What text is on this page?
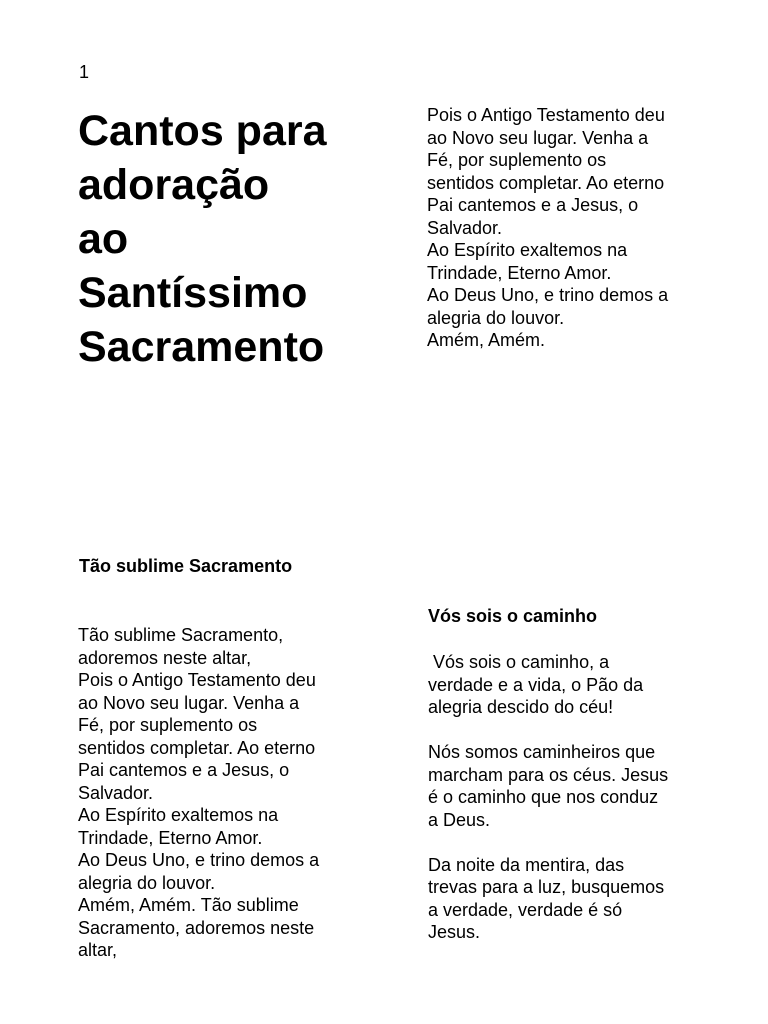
1
Cantos para
adoração
ao
Santíssimo
Sacramento
Pois o Antigo Testamento deu
ao Novo seu lugar. Venha a
Fé, por suplemento os
sentidos completar. Ao eterno
Pai cantemos e a Jesus, o
Salvador.
Ao Espírito exaltemos na
Trindade, Eterno Amor.
Ao Deus Uno, e trino demos a
alegria do louvor.
Amém, Amém.
Tão sublime Sacramento
Tão sublime Sacramento,
adoremos neste altar,
Pois o Antigo Testamento deu
ao Novo seu lugar. Venha a
Fé, por suplemento os
sentidos completar. Ao eterno
Pai cantemos e a Jesus, o
Salvador.
Ao Espírito exaltemos na
Trindade, Eterno Amor.
Ao Deus Uno, e trino demos a
alegria do louvor.
Amém, Amém. Tão sublime
Sacramento, adoremos neste
altar,
Vós sois o caminho
Vós sois o caminho, a
verdade e a vida, o Pão da
alegria descido do céu!
Nós somos caminheiros que
marcham para os céus. Jesus
é o caminho que nos conduz
a Deus.
Da noite da mentira, das
trevas para a luz, busquemos
a verdade, verdade é só
Jesus.
